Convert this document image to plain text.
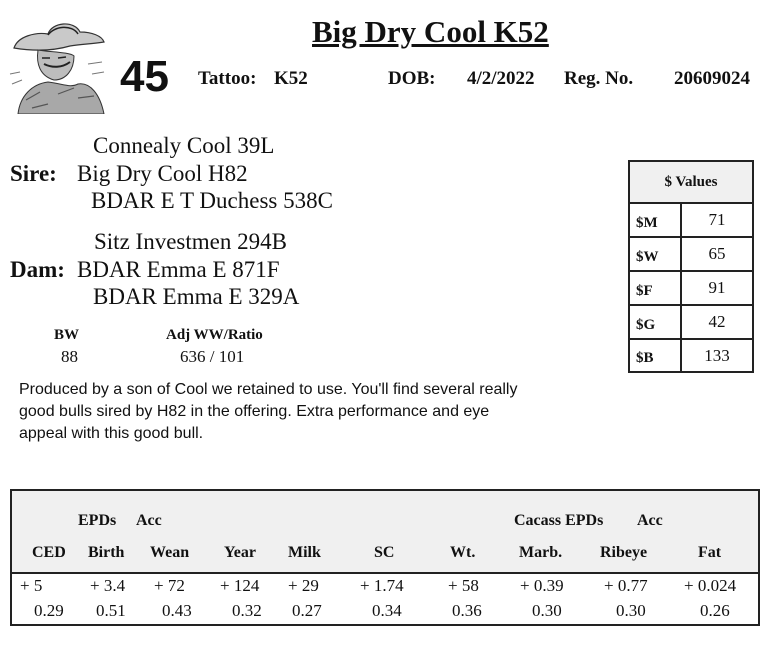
Big Dry Cool K52
45 Tattoo: K52	DOB: 4/2/2022 Reg. No. 20609024
Connealy Cool 39L
Sire: Big Dry Cool H82
BDAR E T Duchess 538C
Sitz Investmen 294B
Dam: BDAR Emma E 871F
BDAR Emma E 329A
BW
88
Adj WW/Ratio
636 / 101
Produced by a son of Cool we retained to use. You'll find several really good bulls sired by H82 in the offering. Extra performance and eye appeal with this good bull.
$ Values
$M	71
$W	65
$F	91
$G	42
$B	133
EPDs Acc	Cacass EPDs Acc
CED Birth Wean Year Milk	SC	Wt.	Marb. Ribeye	Fat
+ 5	+ 3.4 + 72 + 124 + 29 + 1.74	+ 58 + 0.39 + 0.77 + 0.024
0.29 0.51 0.43 0.32 0.27	0.34	0.36	0.30	0.30	0.26
